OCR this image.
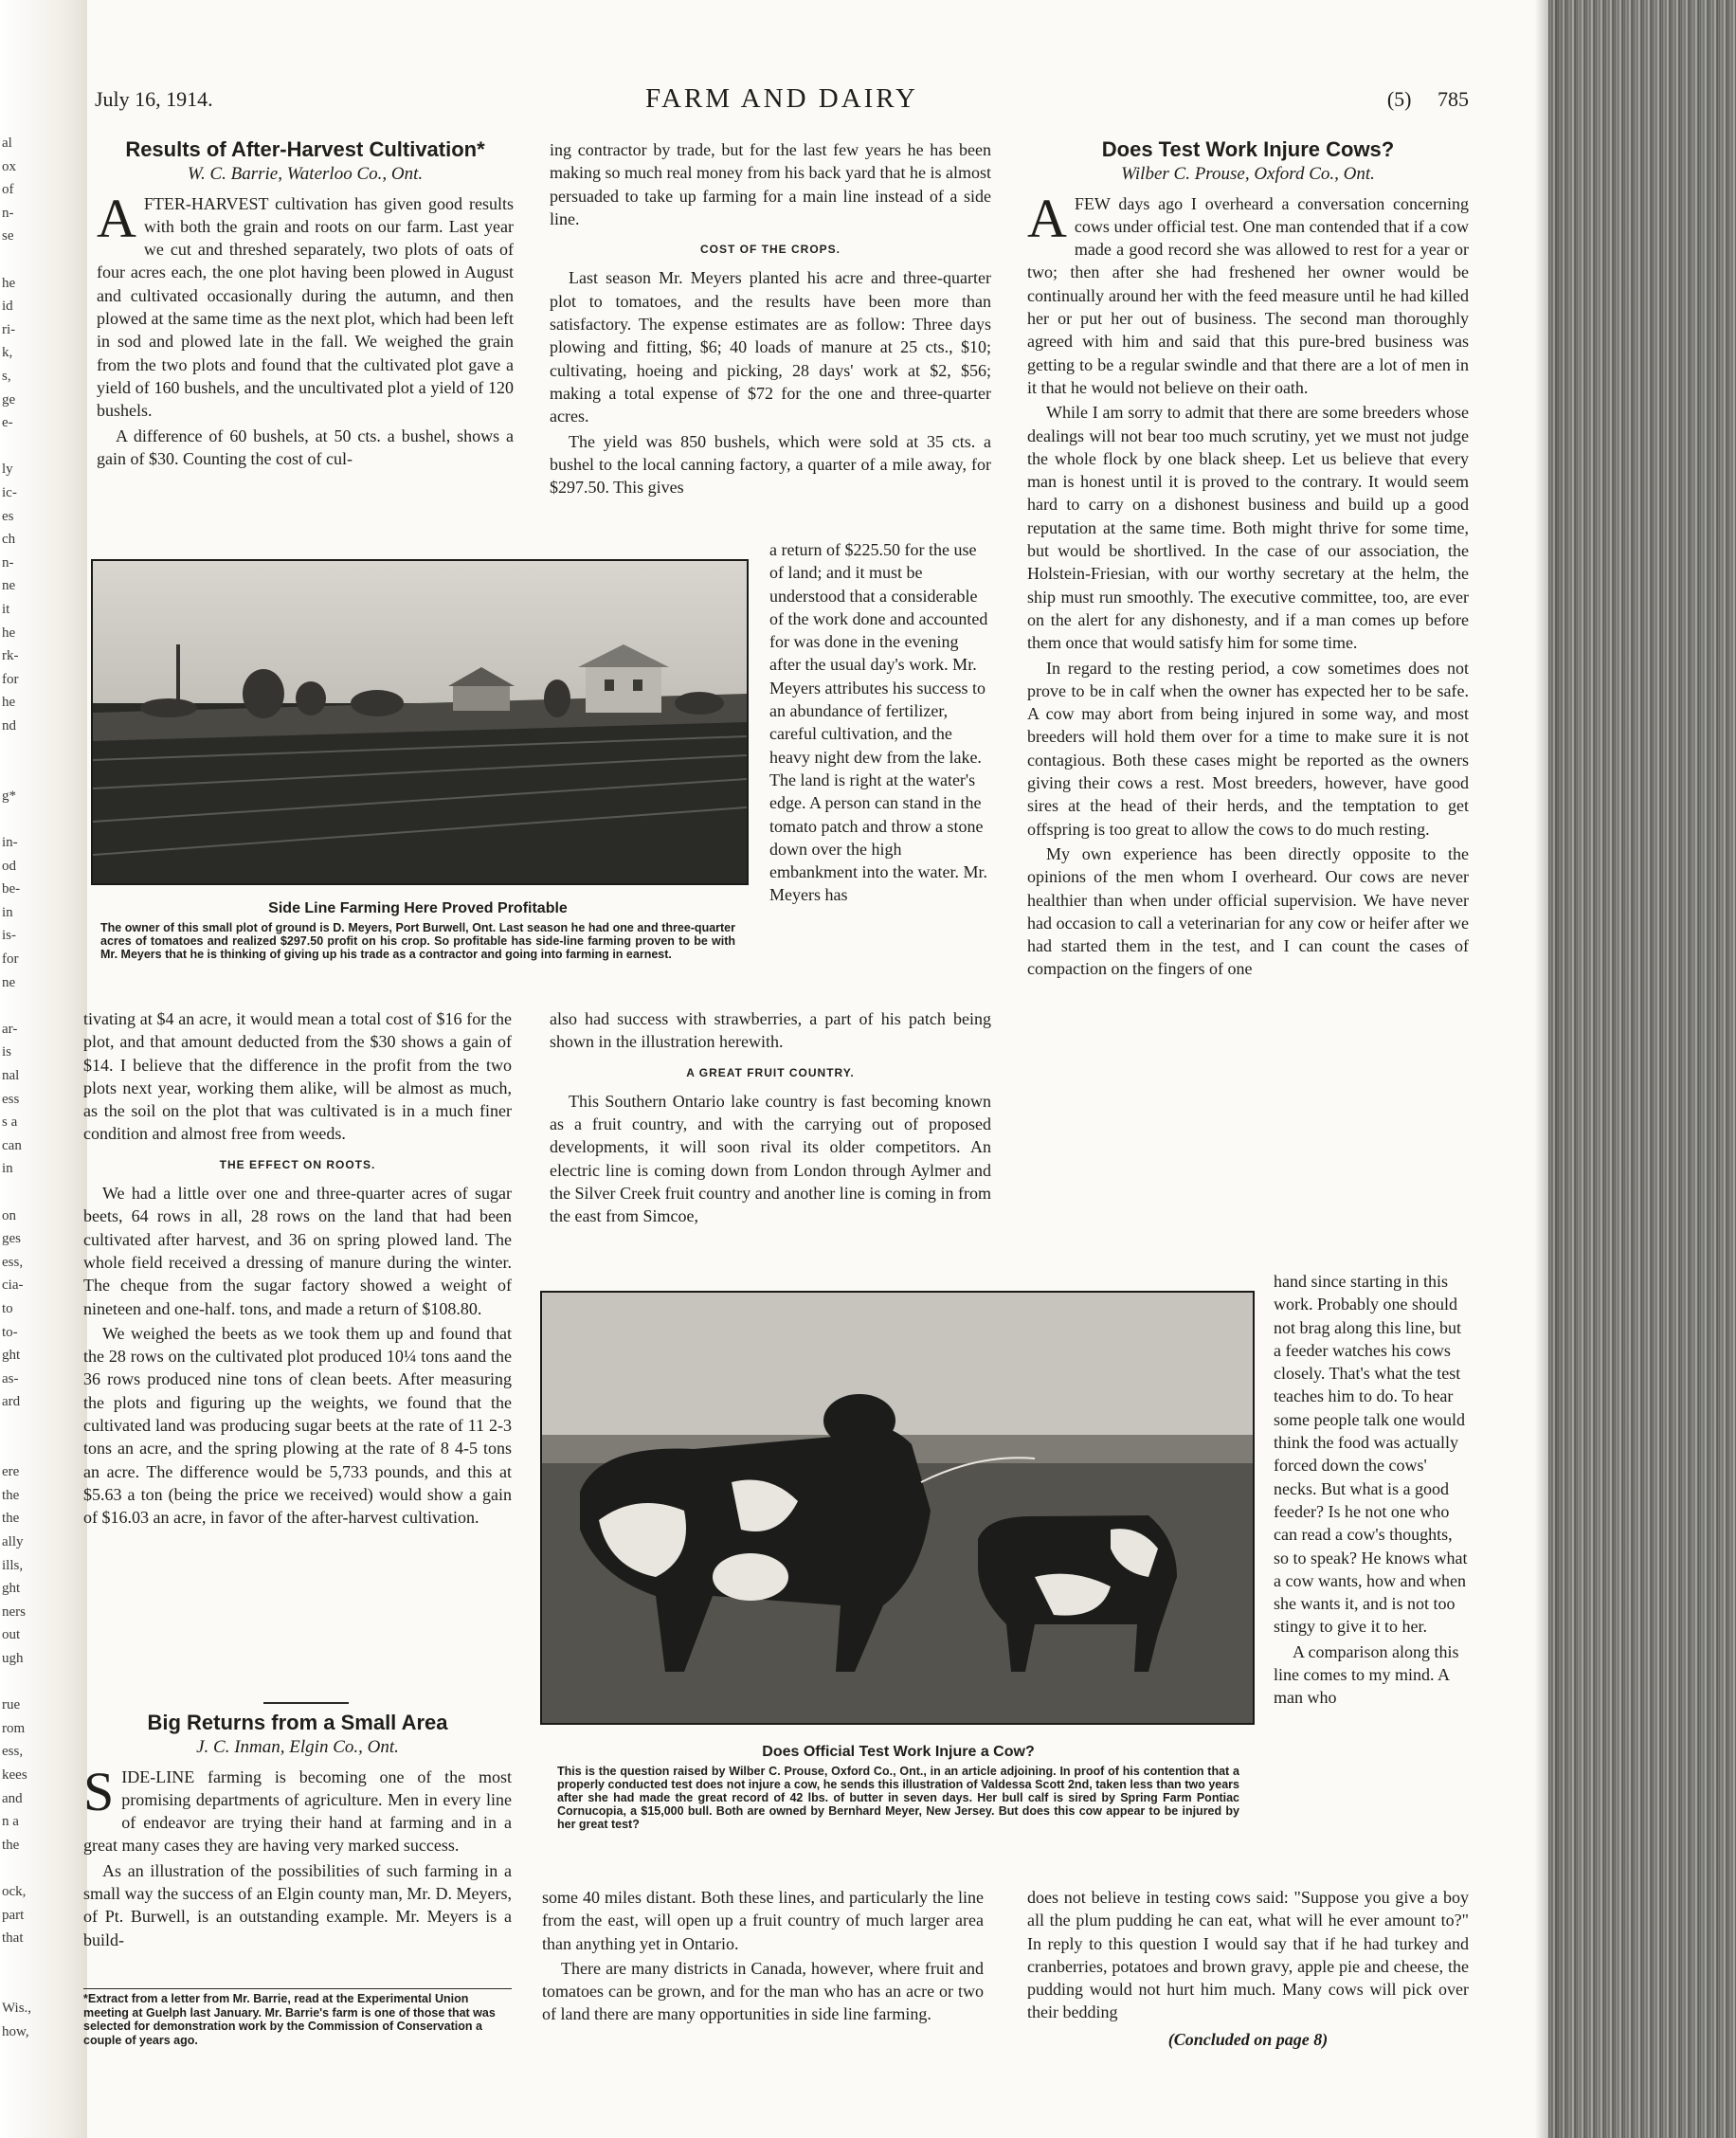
al
ox
of
n-
se
he
id
ri-
k,
s,
ge
e-
ly
ic-
es
ch
n-
ne
it
he
rk-
for
he
nd
g*
in-
od
be-
in
is-
for
ne
ar-
is
nal
ess
s a
can
in
on
ges
ess,
cia-
to
to-
ght
as-
ard
ere
the
the
ally
ills,
ght
ners
out
ugh
rue
rom
ess,
kees
and
n a
the
ock,
part
that
Wis.,
how,
FARM AND DAIRY
July 16, 1914.	(5)     785
Results of After-Harvest Cultivation*
W. C. Barrie, Waterloo Co., Ont.

AFTER-HARVEST cultivation has given good results with both the grain and roots on our farm. Last year we cut and threshed separately, two plots of oats of four acres each, the one plot having been plowed in August and cultivated occasionally during the autumn, and then plowed at the same time as the next plot, which had been left in sod and plowed late in the fall. We weighed the grain from the two plots and found that the cultivated plot gave a yield of 160 bushels, and the uncultivated plot a yield of 120 bushels.

A difference of 60 bushels, at 50 cts. a bushel, shows a gain of $30. Counting the cost of cul-

Side Line Farming Here Proved Profitable
The owner of this small plot of ground is D. Meyers, Port Burwell, Ont. Last season he had one and three-quarter acres of tomatoes and realized $297.50 profit on his crop. So profitable has side-line farming proven to be with Mr. Meyers that he is thinking of giving up his trade as a contractor and going into farming in earnest.

tivating at $4 an acre, it would mean a total cost of $16 for the plot, and that amount deducted from the $30 shows a gain of $14. I believe that the difference in the profit from the two plots next year, working them alike, will be almost as much, as the soil on the plot that was cultivated is in a much finer condition and almost free from weeds.

THE EFFECT ON ROOTS.

We had a little over one and three-quarter acres of sugar beets, 64 rows in all, 28 rows on the land that had been cultivated after harvest, and 36 on spring plowed land. The whole field received a dressing of manure during the winter. The cheque from the sugar factory showed a weight of nineteen and one-half. tons, and made a return of $108.80.

We weighed the beets as we took them up and found that the 28 rows on the cultivated plot produced 10¼ tons aand the 36 rows produced nine tons of clean beets. After measuring the plots and figuring up the weights, we found that the cultivated land was producing sugar beets at the rate of 11 2-3 tons an acre, and the spring plowing at the rate of 8 4-5 tons an acre. The difference would be 5,733 pounds, and this at $5.63 a ton (being the price we received) would show a gain of $16.03 an acre, in favor of the after-harvest cultivation.

Big Returns from a Small Area
J. C. Inman, Elgin Co., Ont.

SIDE-LINE farming is becoming one of the most promising departments of agriculture. Men in every line of endeavor are trying their hand at farming and in a great many cases they are having very marked success.

As an illustration of the possibilities of such farming in a small way the success of an Elgin county man, Mr. D. Meyers, of Pt. Burwell, is an outstanding example. Mr. Meyers is a build-

*Extract from a letter from Mr. Barrie, read at the Experimental Union meeting at Guelph last January. Mr. Barrie's farm is one of those that was selected for demonstration work by the Commission of Conservation a couple of years ago.

ing contractor by trade, but for the last few years he has been making so much real money from his back yard that he is almost persuaded to take up farming for a main line instead of a side line.

COST OF THE CROPS.

Last season Mr. Meyers planted his acre and three-quarter plot to tomatoes, and the results have been more than satisfactory. The expense estimates are as follow: Three days plowing and fitting, $6; 40 loads of manure at 25 cts., $10; cultivating, hoeing and picking, 28 days' work at $2, $56; making a total expense of $72 for the one and three-quarter acres.

The yield was 850 bushels, which were sold at 35 cts. a bushel to the local canning factory, a quarter of a mile away, for $297.50. This gives

a return of $225.50 for the use of land; and it must be understood that a considerable of the work done and accounted for was done in the evening after the usual day's work. Mr. Meyers attributes his success to an abundance of fertilizer, careful cultivation, and the heavy night dew from the lake. The land is right at the water's edge. A person can stand in the tomato patch and throw a stone down over the high embankment into the water. Mr. Meyers has

also had success with strawberries, a part of his patch being shown in the illustration herewith.

A GREAT FRUIT COUNTRY.

This Southern Ontario lake country is fast becoming known as a fruit country, and with the carrying out of proposed developments, it will soon rival its older competitors. An electric line is coming down from London through Aylmer and the Silver Creek fruit country and another line is coming in from the east from Simcoe,

Does Official Test Work Injure a Cow?
This is the question raised by Wilber C. Prouse, Oxford Co., Ont., in an article adjoining. In proof of his contention that a properly conducted test does not injure a cow, he sends this illustration of Valdessa Scott 2nd, taken less than two years after she had made the great record of 42 lbs. of butter in seven days. Her bull calf is sired by Spring Farm Pontiac Cornucopia, a $15,000 bull. Both are owned by Bernhard Meyer, New Jersey. But does this cow appear to be injured by her great test?

some 40 miles distant. Both these lines, and particularly the line from the east, will open up a fruit country of much larger area than anything yet in Ontario.

There are many districts in Canada, however, where fruit and tomatoes can be grown, and for the man who has an acre or two of land there are many opportunities in side line farming.

Does Test Work Injure Cows?
Wilber C. Prouse, Oxford Co., Ont.

AFEW days ago I overheard a conversation concerning cows under official test. One man contended that if a cow made a good record she was allowed to rest for a year or two; then after she had freshened her owner would be continually around her with the feed measure until he had killed her or put her out of business. The second man thoroughly agreed with him and said that this pure-bred business was getting to be a regular swindle and that there are a lot of men in it that he would not believe on their oath.

While I am sorry to admit that there are some breeders whose dealings will not bear too much scrutiny, yet we must not judge the whole flock by one black sheep. Let us believe that every man is honest until it is proved to the contrary. It would seem hard to carry on a dishonest business and build up a good reputation at the same time. Both might thrive for some time, but would be shortlived. In the case of our association, the Holstein-Friesian, with our worthy secretary at the helm, the ship must run smoothly. The executive committee, too, are ever on the alert for any dishonesty, and if a man comes up before them once that would satisfy him for some time.

In regard to the resting period, a cow sometimes does not prove to be in calf when the owner has expected her to be safe. A cow may abort from being injured in some way, and most breeders will hold them over for a time to make sure it is not contagious. Both these cases might be reported as the owners giving their cows a rest. Most breeders, however, have good sires at the head of their herds, and the temptation to get offspring is too great to allow the cows to do much resting.

My own experience has been directly opposite to the opinions of the men whom I overheard. Our cows are never healthier than when under official supervision. We have never had occasion to call a veterinarian for any cow or heifer after we had started them in the test, and I can count the cases of compaction on the fingers of one

hand since starting in this work. Probably one should not brag along this line, but a feeder watches his cows closely. That's what the test teaches him to do. To hear some people talk one would think the food was actually forced down the cows' necks. But what is a good feeder? Is he not one who can read a cow's thoughts, so to speak? He knows what a cow wants, how and when she wants it, and is not too stingy to give it to her.

A comparison along this line comes to my mind. A man who

does not believe in testing cows said: "Suppose you give a boy all the plum pudding he can eat, what will he ever amount to?" In reply to this question I would say that if he had turkey and cranberries, potatoes and brown gravy, apple pie and cheese, the pudding would not hurt him much. Many cows will pick over their bedding

(Concluded on page 8)
